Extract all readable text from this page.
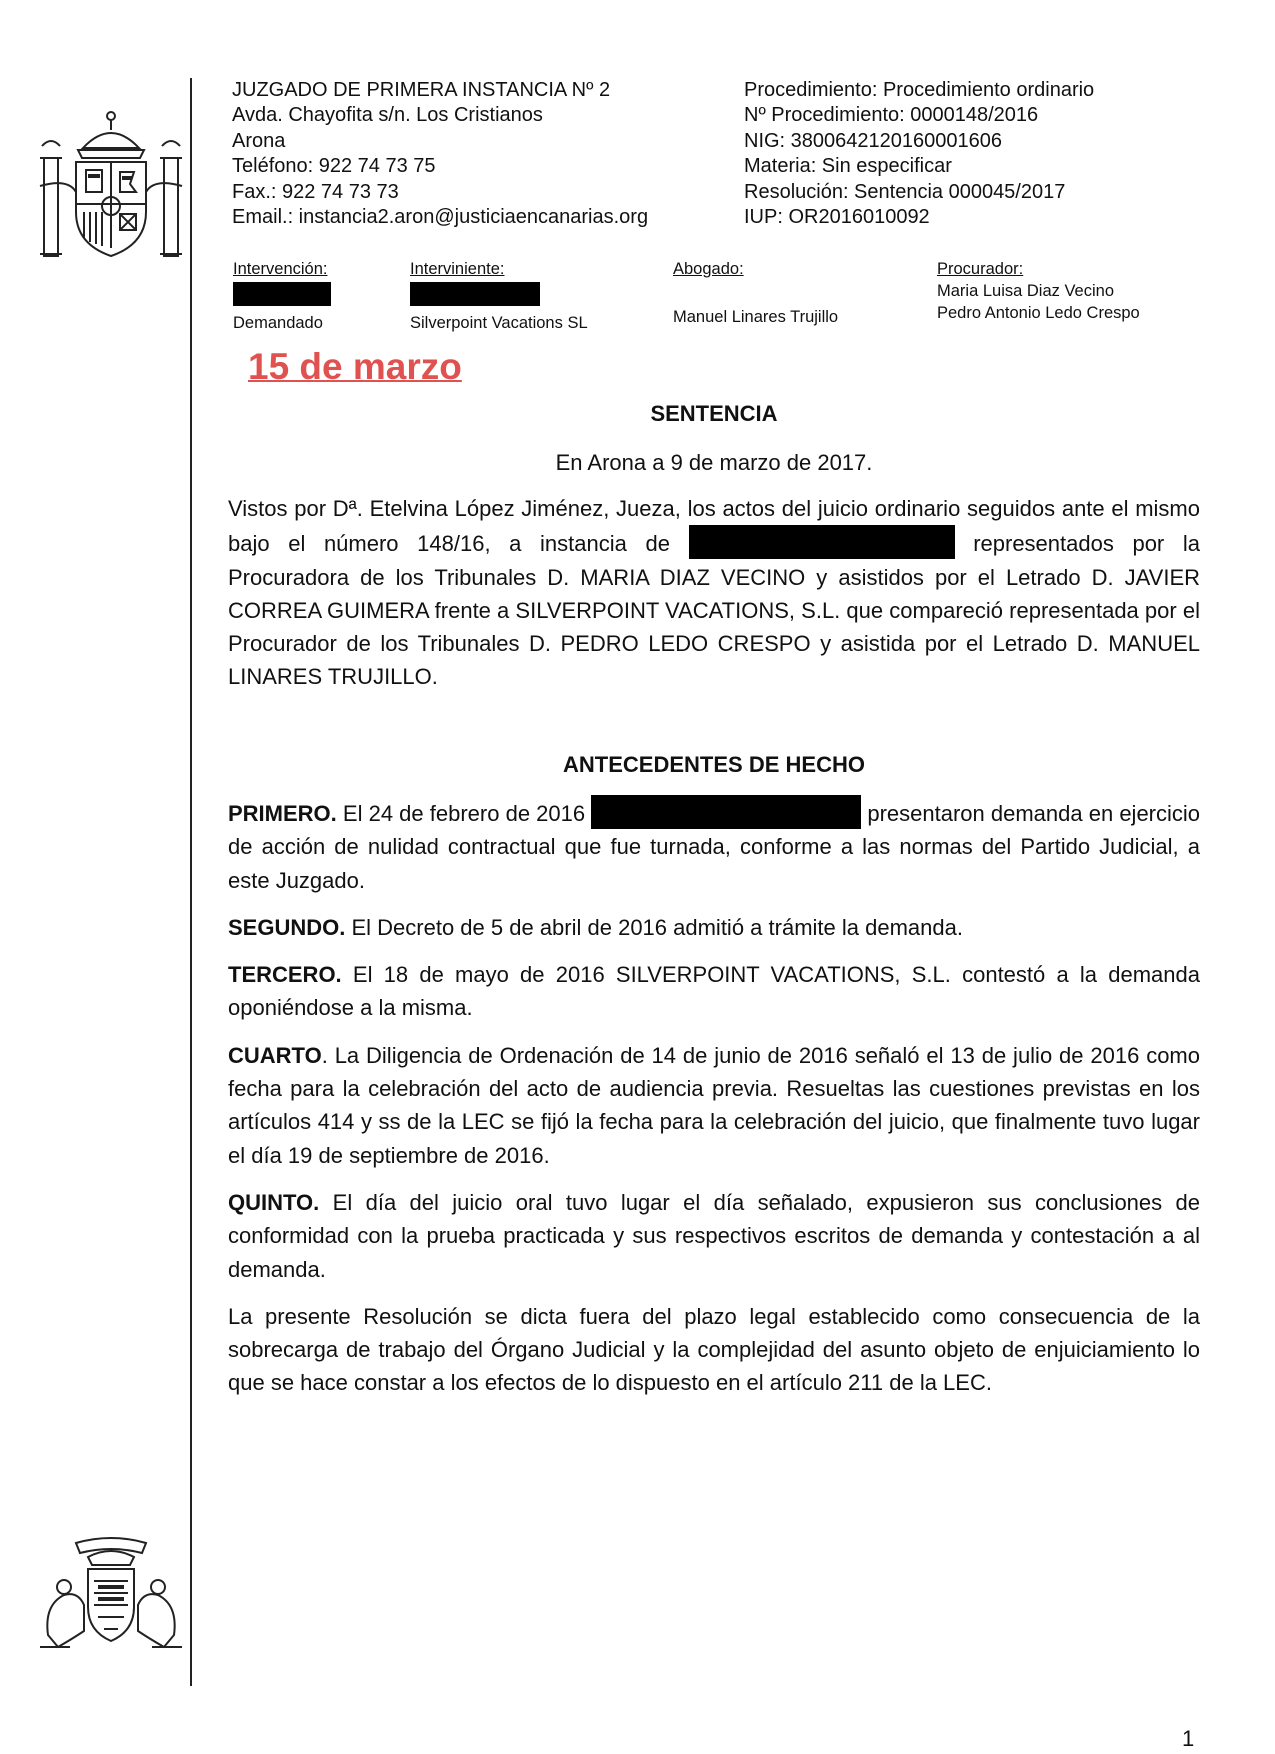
JUZGADO DE PRIMERA INSTANCIA Nº 2
Avda. Chayofita s/n. Los Cristianos
Arona
Teléfono: 922 74 73 75
Fax.: 922 74 73 73
Email.: instancia2.aron@justiciaencanarias.org
Procedimiento: Procedimiento ordinario
Nº Procedimiento: 0000148/2016
NIG: 3800642120160001606
Materia: Sin especificar
Resolución: Sentencia 000045/2017
IUP: OR2016010092
Intervención:
Demandado
Interviniente:
Silverpoint Vacations SL
Abogado:
Manuel Linares Trujillo
Procurador:
Maria Luisa Diaz Vecino
Pedro Antonio Ledo Crespo
15 de marzo
SENTENCIA
En Arona a 9 de marzo de 2017.

Vistos por Dª. Etelvina López Jiménez, Jueza, los actos del juicio ordinario seguidos ante el mismo bajo el número 148/16, a instancia de	representados por la Procuradora de los Tribunales D. MARIA DIAZ VECINO y asistidos por el Letrado D. JAVIER CORREA GUIMERA frente a SILVERPOINT VACATIONS, S.L. que compareció representada por el Procurador de los Tribunales D. PEDRO LEDO CRESPO y asistida por el Letrado D. MANUEL LINARES TRUJILLO.

ANTECEDENTES DE HECHO

PRIMERO. El 24 de febrero de 2016	presentaron demanda en ejercicio de acción de nulidad contractual que fue turnada, conforme a las normas del Partido Judicial, a este Juzgado.

SEGUNDO. El Decreto de 5 de abril de 2016 admitió a trámite la demanda.

TERCERO. El 18 de mayo de 2016 SILVERPOINT VACATIONS, S.L. contestó a la demanda oponiéndose a la misma.

CUARTO. La Diligencia de Ordenación de 14 de junio de 2016 señaló el 13 de julio de 2016 como fecha para la celebración del acto de audiencia previa. Resueltas las cuestiones previstas en los artículos 414 y ss de la LEC se fijó la fecha para la celebración del juicio, que finalmente tuvo lugar el día 19 de septiembre de 2016.

QUINTO. El día del juicio oral tuvo lugar el día señalado, expusieron sus conclusiones de conformidad con la prueba practicada y sus respectivos escritos de demanda y contestación a al demanda.

La presente Resolución se dicta fuera del plazo legal establecido como consecuencia de la sobrecarga de trabajo del Órgano Judicial y la complejidad del asunto objeto de enjuiciamiento lo que se hace constar a los efectos de lo dispuesto en el artículo 211 de la LEC.

1
